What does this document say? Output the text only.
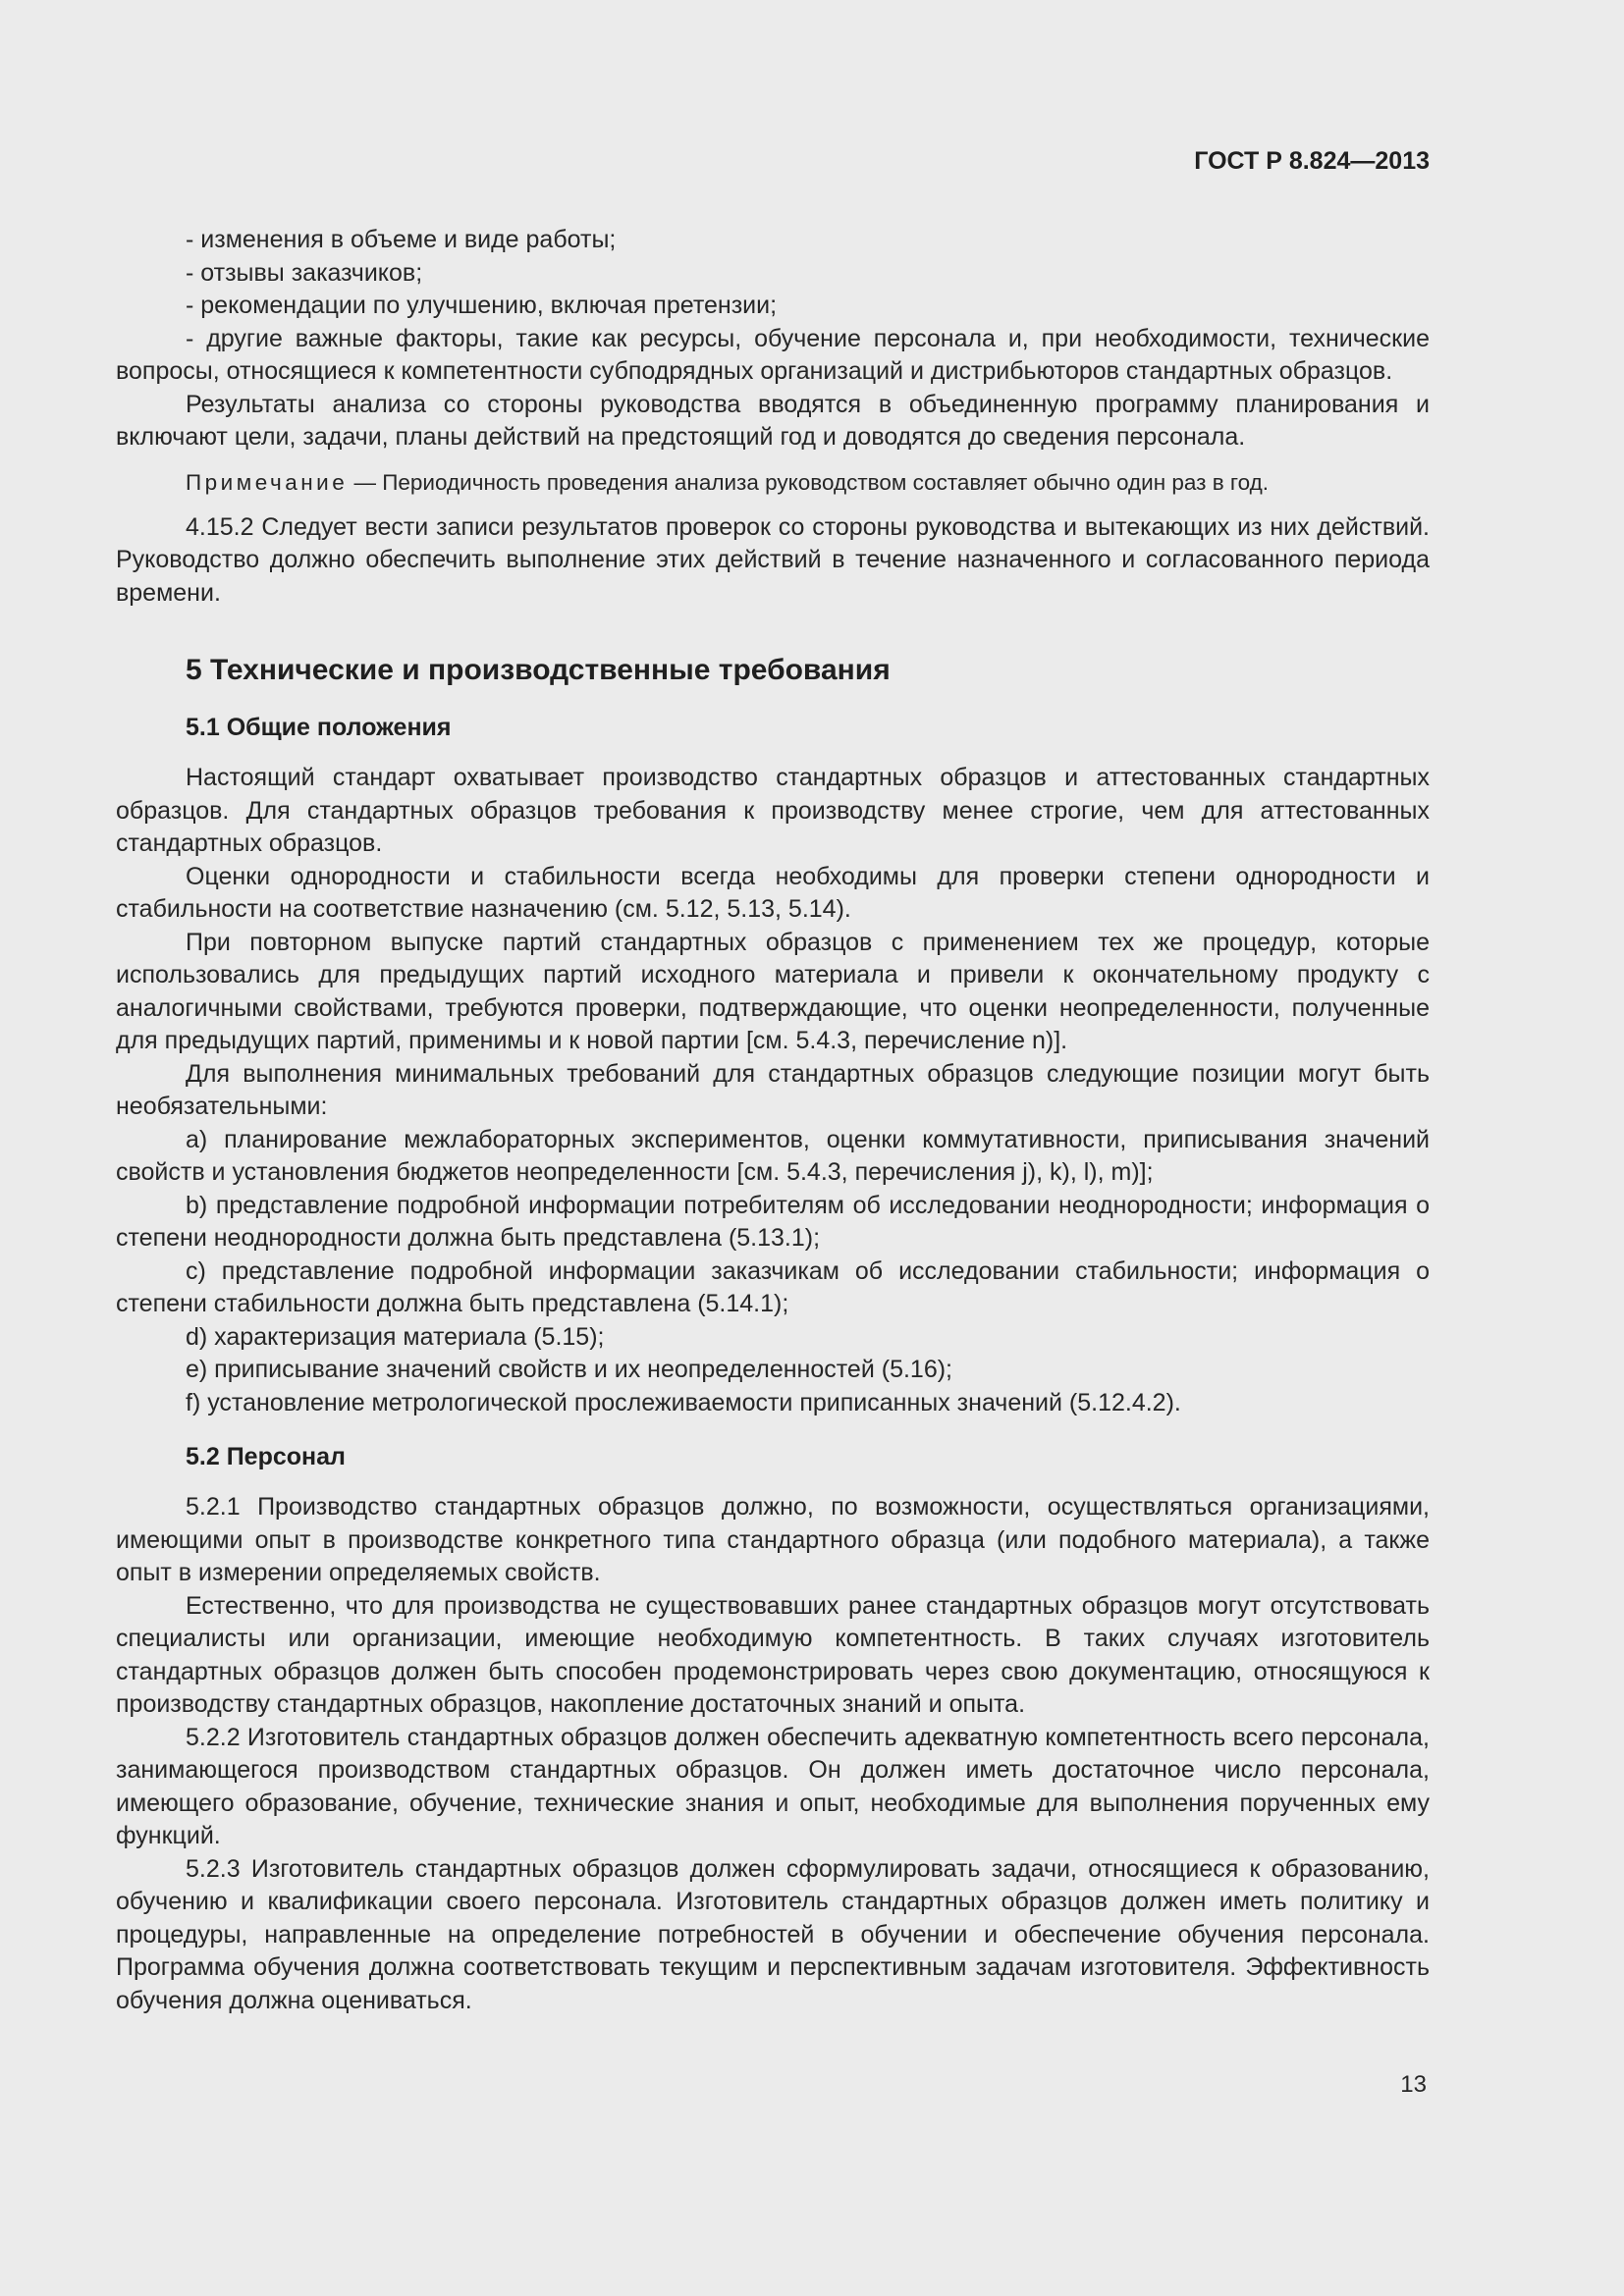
ГОСТ Р 8.824—2013

- изменения в объеме и виде работы;

- отзывы заказчиков;

- рекомендации по улучшению, включая претензии;

- другие важные факторы, такие как ресурсы, обучение персонала и, при необходимости, технические вопросы, относящиеся к компетентности субподрядных организаций и дистрибьюторов стандартных образцов.

Результаты анализа со стороны руководства вводятся в объединенную программу планирования и включают цели, задачи, планы действий на предстоящий год и доводятся до сведения персонала.

Примечание — Периодичность проведения анализа руководством составляет обычно один раз в год.

4.15.2 Следует вести записи результатов проверок со стороны руководства и вытекающих из них действий. Руководство должно обеспечить выполнение этих действий в течение назначенного и согласованного периода времени.

5 Технические и производственные требования
5.1 Общие положения

Настоящий стандарт охватывает производство стандартных образцов и аттестованных стандартных образцов. Для стандартных образцов требования к производству менее строгие, чем для аттестованных стандартных образцов.

Оценки однородности и стабильности всегда необходимы для проверки степени однородности и стабильности на соответствие назначению (см. 5.12, 5.13, 5.14).

При повторном выпуске партий стандартных образцов с применением тех же процедур, которые использовались для предыдущих партий исходного материала и привели к окончательному продукту с аналогичными свойствами, требуются проверки, подтверждающие, что оценки неопределенности, полученные для предыдущих партий, применимы и к новой партии [см. 5.4.3, перечисление n)].

Для выполнения минимальных требований для стандартных образцов следующие позиции могут быть необязательными:

а) планирование межлабораторных экспериментов, оценки коммутативности, приписывания значений свойств и установления бюджетов неопределенности [см. 5.4.3, перечисления j), k), l), m)];

b) представление подробной информации потребителям об исследовании неоднородности; информация о степени неоднородности должна быть представлена (5.13.1);

c) представление подробной информации заказчикам об исследовании стабильности; информация о степени стабильности должна быть представлена (5.14.1);

d) характеризация материала (5.15);

e) приписывание значений свойств и их неопределенностей (5.16);

f) установление метрологической прослеживаемости приписанных значений (5.12.4.2).

5.2 Персонал

5.2.1 Производство стандартных образцов должно, по возможности, осуществляться организациями, имеющими опыт в производстве конкретного типа стандартного образца (или подобного материала), а также опыт в измерении определяемых свойств.

Естественно, что для производства не существовавших ранее стандартных образцов могут отсутствовать специалисты или организации, имеющие необходимую компетентность. В таких случаях изготовитель стандартных образцов должен быть способен продемонстрировать через свою документацию, относящуюся к производству стандартных образцов, накопление достаточных знаний и опыта.

5.2.2 Изготовитель стандартных образцов должен обеспечить адекватную компетентность всего персонала, занимающегося производством стандартных образцов. Он должен иметь достаточное число персонала, имеющего образование, обучение, технические знания и опыт, необходимые для выполнения порученных ему функций.

5.2.3 Изготовитель стандартных образцов должен сформулировать задачи, относящиеся к образованию, обучению и квалификации своего персонала. Изготовитель стандартных образцов должен иметь политику и процедуры, направленные на определение потребностей в обучении и обеспечение обучения персонала. Программа обучения должна соответствовать текущим и перспективным задачам изготовителя. Эффективность обучения должна оцениваться.

13
